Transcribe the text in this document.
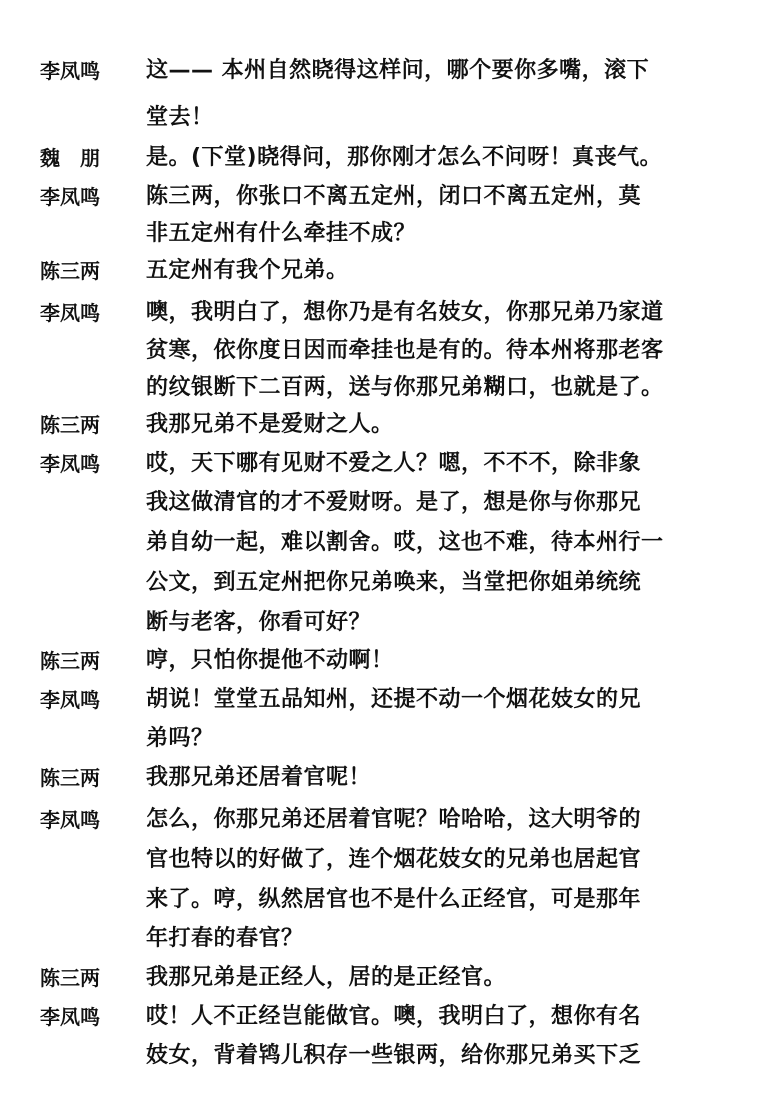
李凤鸣	这—— 本州自然晓得这样问，哪个要你多嘴，滚下
堂去！
魏　朋	是。(下堂)晓得问，那你刚才怎么不问呀！真丧气。
李凤鸣	陈三两，你张口不离五定州，闭口不离五定州，莫
非五定州有什么牵挂不成？
陈三两	五定州有我个兄弟。
李凤鸣	噢，我明白了，想你乃是有名妓女，你那兄弟乃家道
贫寒，依你度日因而牵挂也是有的。待本州将那老客
的纹银断下二百两，送与你那兄弟糊口，也就是了。
陈三两	我那兄弟不是爱财之人。
李凤鸣	哎，天下哪有见财不爱之人？嗯，不不不，除非象
我这做清官的才不爱财呀。是了，想是你与你那兄
弟自幼一起，难以割舍。哎，这也不难，待本州行一
公文，到五定州把你兄弟唤来，当堂把你姐弟统统
断与老客，你看可好？
陈三两	哼，只怕你提他不动啊！
李凤鸣	胡说！堂堂五品知州，还提不动一个烟花妓女的兄
弟吗？
陈三两	我那兄弟还居着官呢！
李凤鸣	怎么，你那兄弟还居着官呢？哈哈哈，这大明爷的
官也特以的好做了，连个烟花妓女的兄弟也居起官
来了。哼，纵然居官也不是什么正经官，可是那年
年打春的春官？
陈三两	我那兄弟是正经人，居的是正经官。
李凤鸣	哎！人不正经岂能做官。噢，我明白了，想你有名
妓女，背着鸨儿积存一些银两，给你那兄弟买下乏
